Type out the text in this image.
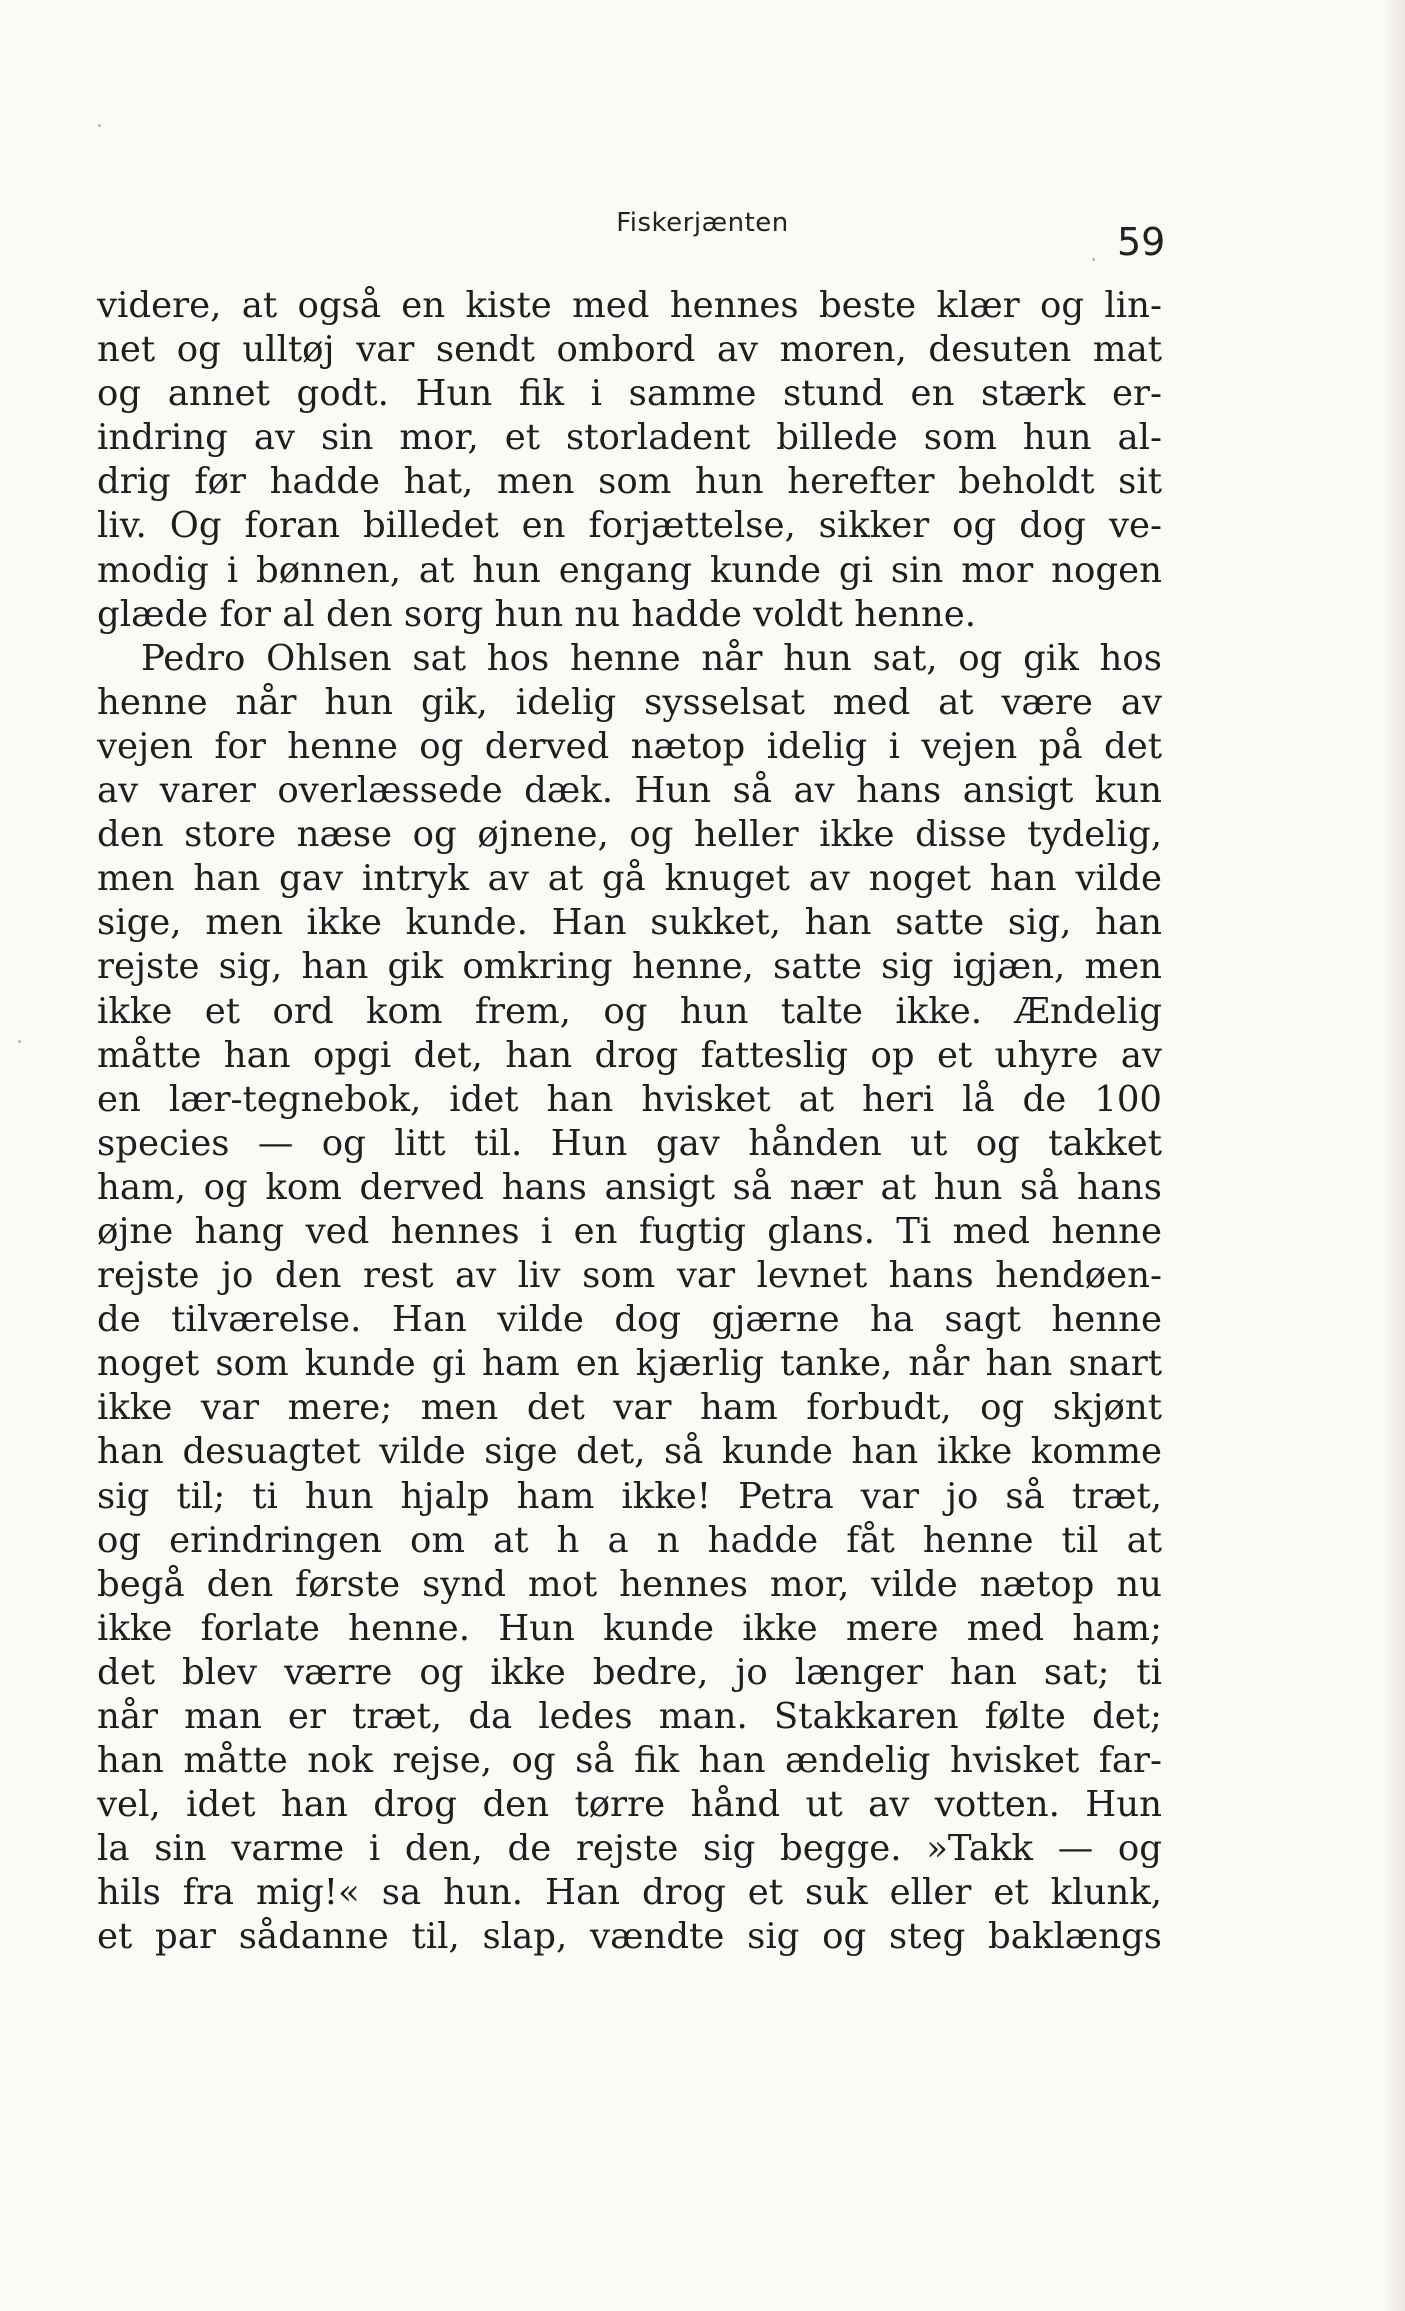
Fiskerjænten	59
videre, at også en kiste med hennes beste klær og lin-
net og ulltøj var sendt ombord av moren, desuten mat
og annet godt. Hun fik i samme stund en stærk er-
indring av sin mor, et storladent billede som hun al-
drig før hadde hat, men som hun herefter beholdt sit
liv. Og foran billedet en forjættelse, sikker og dog ve-
modig i bønnen, at hun engang kunde gi sin mor nogen
glæde for al den sorg hun nu hadde voldt henne.
Pedro Ohlsen sat hos henne når hun sat, og gik hos
henne når hun gik, idelig sysselsat med at være av
vejen for henne og derved nætop idelig i vejen på det
av varer overlæssede dæk. Hun så av hans ansigt kun
den store næse og øjnene, og heller ikke disse tydelig,
men han gav intryk av at gå knuget av noget han vilde
sige, men ikke kunde. Han sukket, han satte sig, han
rejste sig, han gik omkring henne, satte sig igjæn, men
ikke et ord kom frem, og hun talte ikke. Ændelig
måtte han opgi det, han drog fatteslig op et uhyre av
en lær-tegnebok, idet han hvisket at heri lå de 100
species — og litt til. Hun gav hånden ut og takket
ham, og kom derved hans ansigt så nær at hun så hans
øjne hang ved hennes i en fugtig glans. Ti med henne
rejste jo den rest av liv som var levnet hans hendøen-
de tilværelse. Han vilde dog gjærne ha sagt henne
noget som kunde gi ham en kjærlig tanke, når han snart
ikke var mere; men det var ham forbudt, og skjønt
han desuagtet vilde sige det, så kunde han ikke komme
sig til; ti hun hjalp ham ikke! Petra var jo så træt,
og erindringen om at h a n hadde fåt henne til at
begå den første synd mot hennes mor, vilde nætop nu
ikke forlate henne. Hun kunde ikke mere med ham;
det blev værre og ikke bedre, jo længer han sat; ti
når man er træt, da ledes man. Stakkaren følte det;
han måtte nok rejse, og så fik han ændelig hvisket far-
vel, idet han drog den tørre hånd ut av votten. Hun
la sin varme i den, de rejste sig begge. »Takk — og
hils fra mig!« sa hun. Han drog et suk eller et klunk,
et par sådanne til, slap, vændte sig og steg baklængs
